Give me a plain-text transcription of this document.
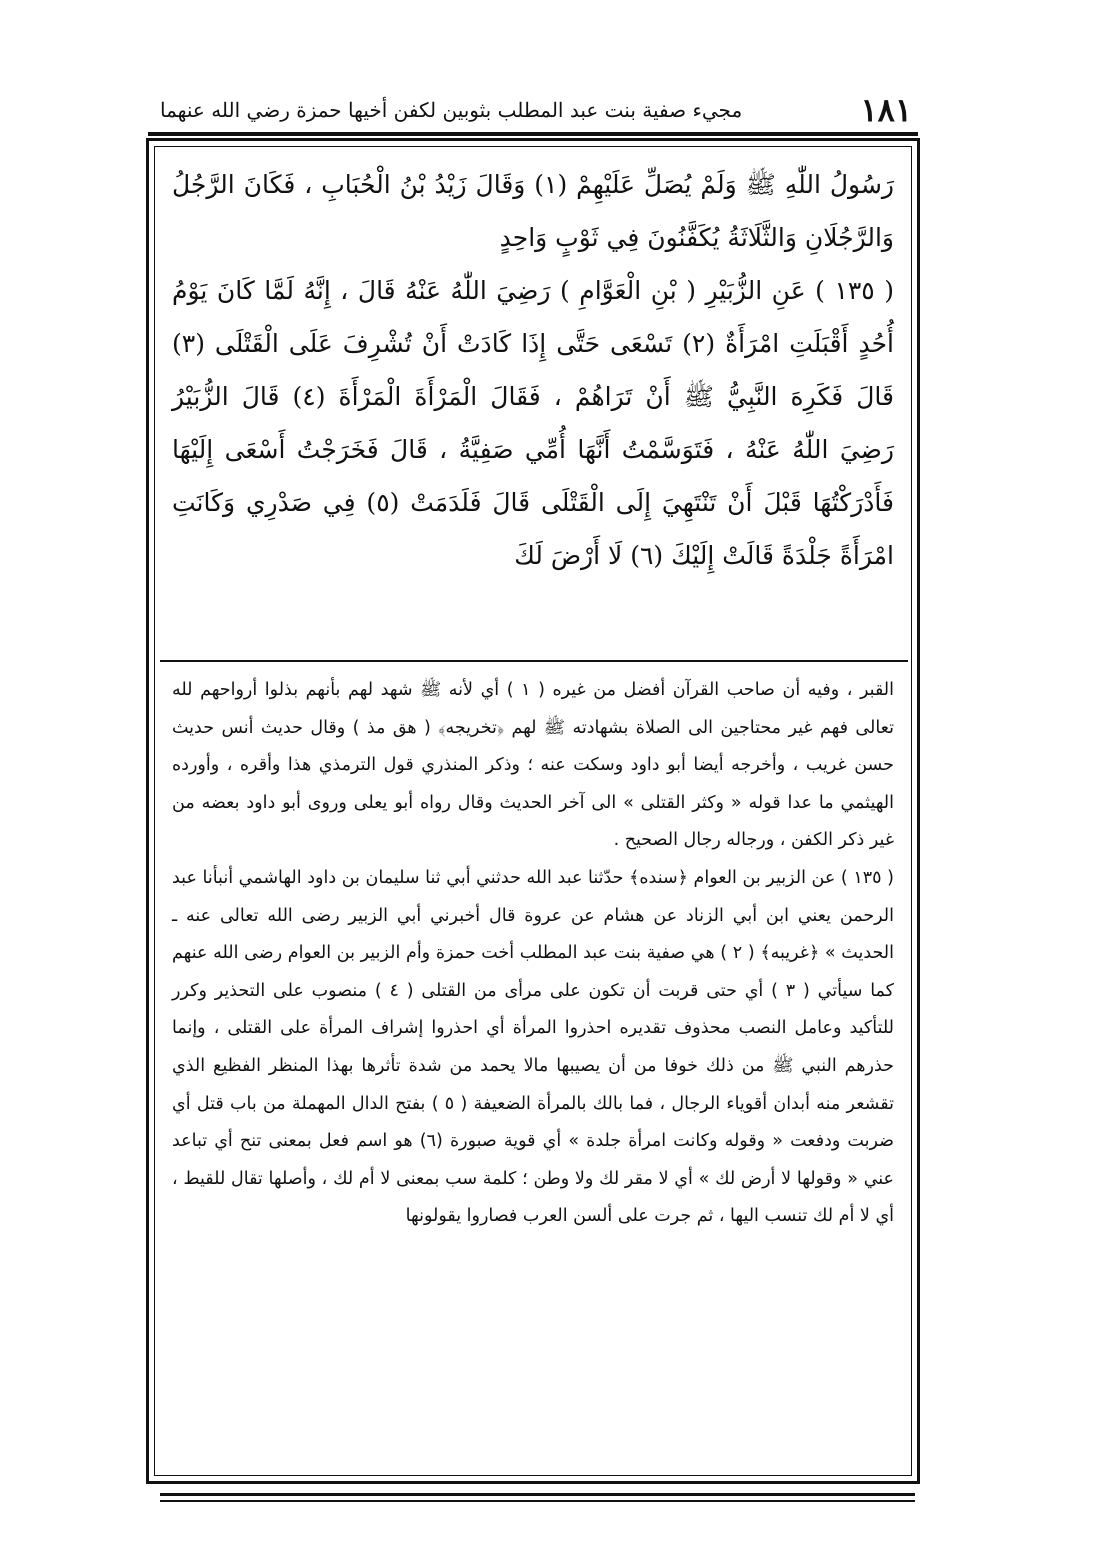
١٨١
مجيء صفية بنت عبد المطلب بثوبين لكفن أخيها حمزة رضي الله عنهما

رَسُولُ اللّٰهِ ﷺ وَلَمْ يُصَلِّ عَلَيْهِمْ (١) وَقَالَ زَيْدُ بْنُ الْحُبَابِ ، فَكَانَ الرَّجُلُ وَالرَّجُلَانِ وَالثَّلَاثَةُ يُكَفَّنُونَ فِي ثَوْبٍ وَاحِدٍ

( ١٣٥ ) عَنِ الزُّبَيْرِ ( بْنِ الْعَوَّامِ ) رَضِيَ اللّٰهُ عَنْهُ قَالَ ، إِنَّهُ لَمَّا كَانَ يَوْمُ أُحُدٍ أَقْبَلَتِ امْرَأَةٌ (٢) تَسْعَى حَتَّى إِذَا كَادَتْ أَنْ تُشْرِفَ عَلَى الْقَتْلَى (٣) قَالَ فَكَرِهَ النَّبِيُّ ﷺ أَنْ تَرَاهُمْ ، فَقَالَ الْمَرْأَةَ الْمَرْأَةَ (٤) قَالَ الزُّبَيْرُ رَضِيَ اللّٰهُ عَنْهُ ، فَتَوَسَّمْتُ أَنَّهَا أُمِّي صَفِيَّةُ ، قَالَ فَخَرَجْتُ أَسْعَى إِلَيْهَا فَأَدْرَكْتُهَا قَبْلَ أَنْ تَنْتَهِيَ إِلَى الْقَتْلَى قَالَ فَلَدَمَتْ (٥) فِي صَدْرِي وَكَانَتِ امْرَأَةً جَلْدَةً قَالَتْ إِلَيْكَ (٦) لَا أَرْضَ لَكَ

القبر ، وفيه أن صاحب القرآن أفضل من غيره ( ١ ) أي لأنه ﷺ شهد لهم بأنهم بذلوا أرواحهم لله تعالى فهم غير محتاجين الى الصلاة بشهادته ﷺ لهم ﴿تخريجه﴾ ( هق مذ ) وقال حديث أنس حديث حسن غريب ، وأخرجه أيضا أبو داود وسكت عنه ؛ وذكر المنذري قول الترمذي هذا وأقره ، وأورده الهيثمي ما عدا قوله « وكثر القتلى » الى آخر الحديث وقال رواه أبو يعلى وروى أبو داود بعضه من غير ذكر الكفن ، ورجاله رجال الصحيح .

( ١٣٥ ) عن الزبير بن العوام ﴿سنده﴾ حدّثنا عبد الله حدثني أبي ثنا سليمان بن داود الهاشمي أنبأنا عبد الرحمن يعني ابن أبي الزناد عن هشام عن عروة قال أخبرني أبي الزبير رضى الله تعالى عنه ـ الحديث » ﴿غريبه﴾ ( ٢ ) هي صفية بنت عبد المطلب أخت حمزة وأم الزبير بن العوام رضى الله عنهم كما سيأتي ( ٣ ) أي حتى قربت أن تكون على مرأى من القتلى ( ٤ ) منصوب على التحذير وكرر للتأكيد وعامل النصب محذوف تقديره احذروا المرأة أي احذروا إشراف المرأة على القتلى ، وإنما حذرهم النبي ﷺ من ذلك خوفا من أن يصيبها مالا يحمد من شدة تأثرها بهذا المنظر الفظيع الذي تقشعر منه أبدان أقوياء الرجال ، فما بالك بالمرأة الضعيفة ( ٥ ) بفتح الدال المهملة من باب قتل أي ضربت ودفعت « وقوله وكانت امرأة جلدة » أي قوية صبورة (٦) هو اسم فعل بمعنى تنح أي تباعد عني « وقولها لا أرض لك » أي لا مقر لك ولا وطن ؛ كلمة سب بمعنى لا أم لك ، وأصلها تقال للقيط ، أي لا أم لك تنسب اليها ، ثم جرت على ألسن العرب فصاروا يقولونها
